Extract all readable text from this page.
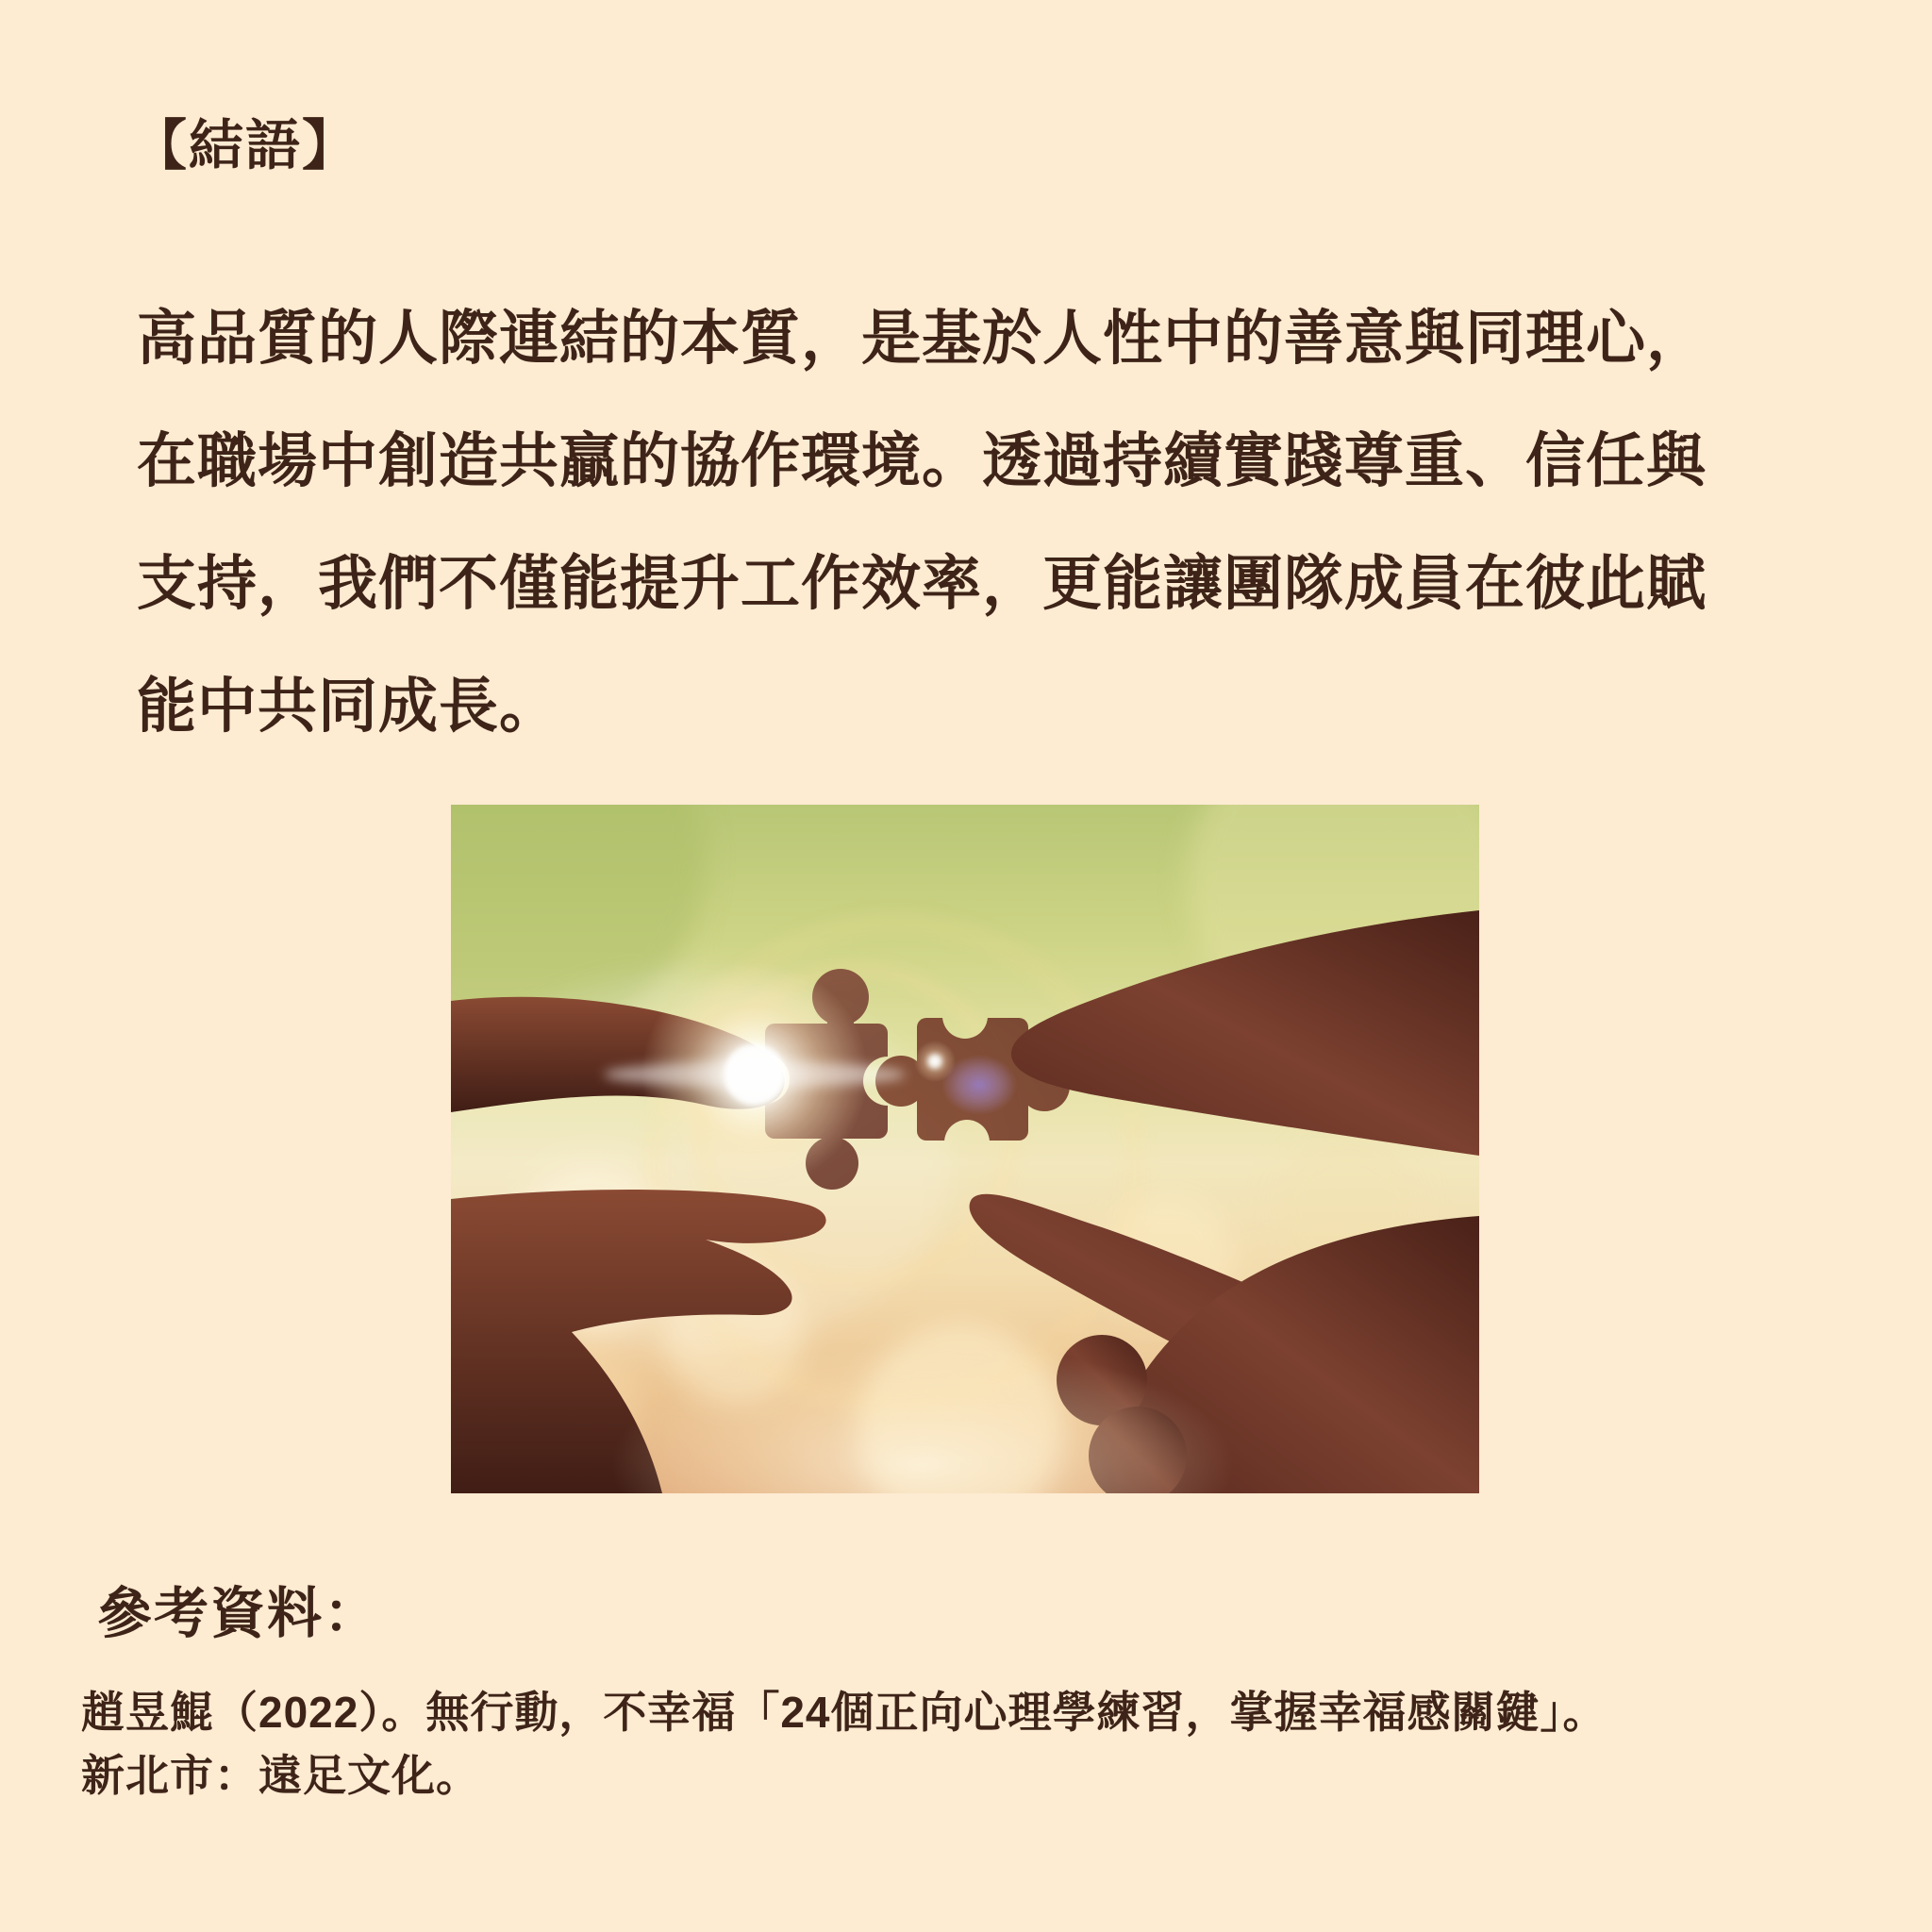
【結語】
高品質的人際連結的本質，是基於人性中的善意與同理心，
在職場中創造共贏的協作環境。透過持續實踐尊重、信任與
支持，我們不僅能提升工作效率，更能讓團隊成員在彼此賦
能中共同成長。
參考資料：
趙昱鯤（2022）。無行動，不幸福「24個正向心理學練習，掌握幸福感關鍵」。
新北市：遠足文化。
